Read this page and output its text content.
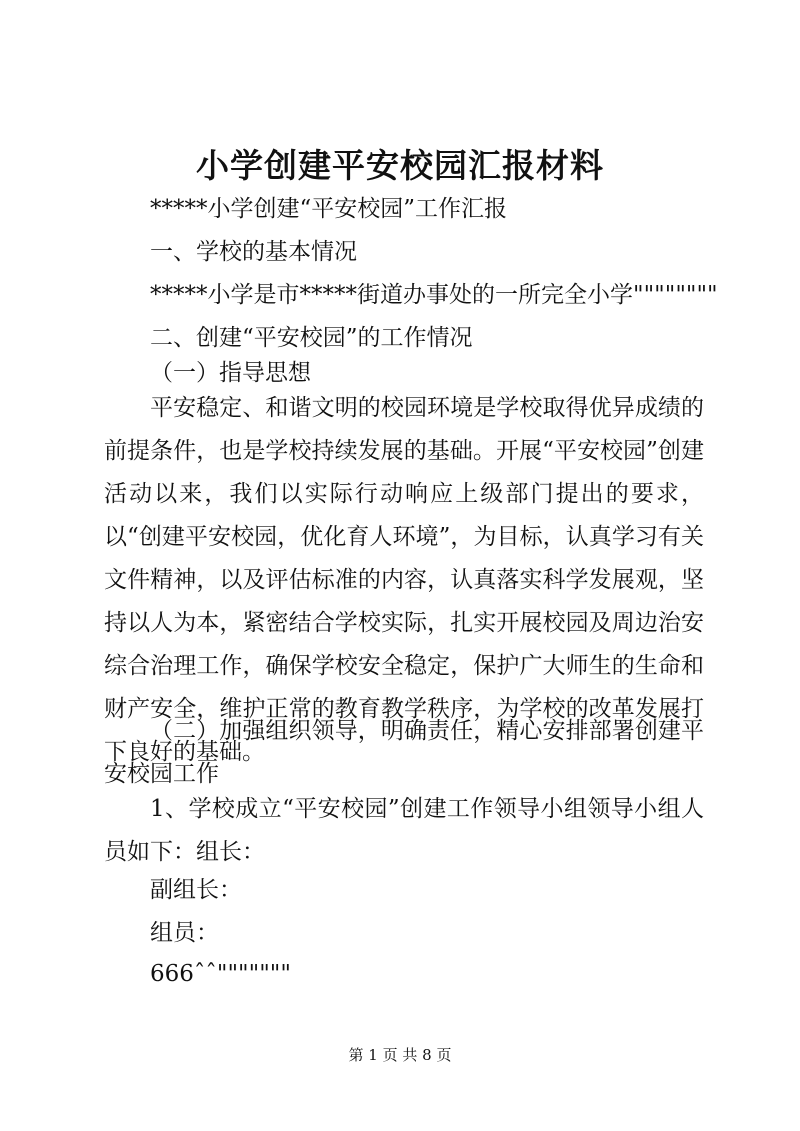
小学创建平安校园汇报材料

*****小学创建“平安校园”工作汇报

一、学校的基本情况

*****小学是市*****街道办事处的一所完全小学""""""""

二、创建“平安校园”的工作情况

（一）指导思想

平安稳定、和谐文明的校园环境是学校取得优异成绩的前提条件，也是学校持续发展的基础。开展“平安校园”创建活动以来，我们以实际行动响应上级部门提出的要求，以“创建平安校园，优化育人环境”，为目标，认真学习有关文件精神，以及评估标准的内容，认真落实科学发展观，坚持以人为本，紧密结合学校实际，扎实开展校园及周边治安综合治理工作，确保学校安全稳定，保护广大师生的生命和财产安全，维护正常的教育教学秩序，为学校的改革发展打下良好的基础。

（二）加强组织领导，明确责任，精心安排部署创建平安校园工作

1、学校成立“平安校园”创建工作领导小组领导小组人员如下：组长：

副组长：

组员：

666ˆˆ"""""""

第 1 页 共 8 页
